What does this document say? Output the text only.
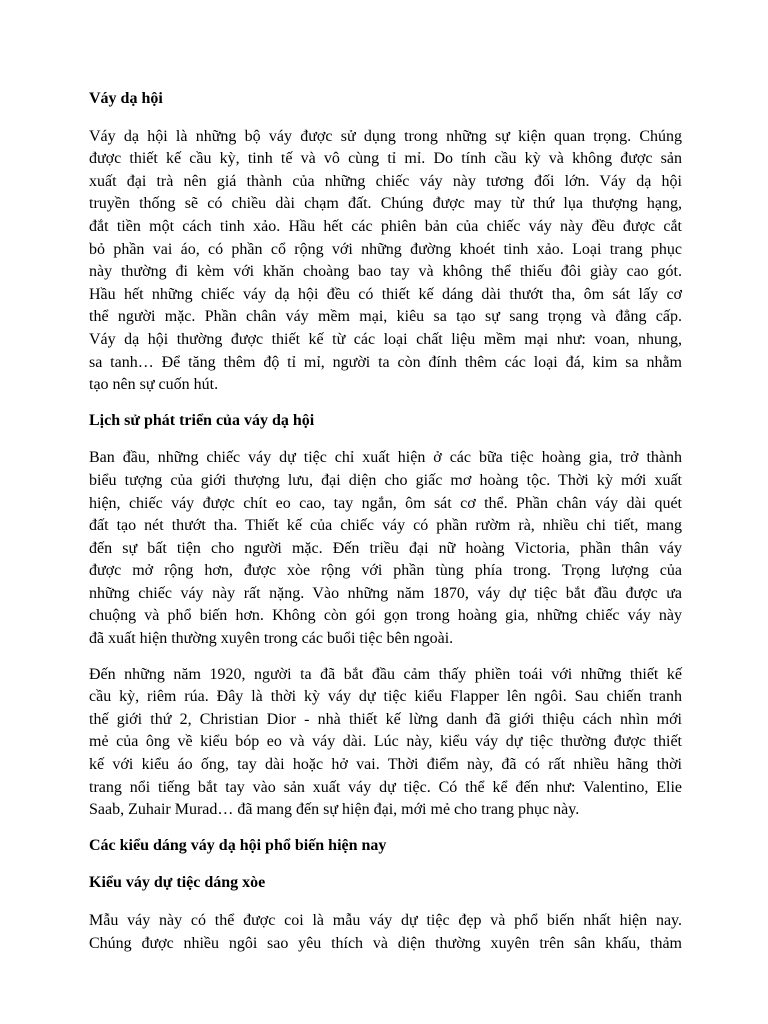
Váy dạ hội
Váy dạ hội là những bộ váy được sử dụng trong những sự kiện quan trọng. Chúng
được thiết kế cầu kỳ, tinh tế và vô cùng tỉ mỉ. Do tính cầu kỳ và không được sản
xuất đại trà nên giá thành của những chiếc váy này tương đối lớn. Váy dạ hội
truyền thống sẽ có chiều dài chạm đất. Chúng được may từ thứ lụa thượng hạng,
đắt tiền một cách tinh xảo. Hầu hết các phiên bản của chiếc váy này đều được cắt
bỏ phần vai áo, có phần cổ rộng với những đường khoét tinh xảo. Loại trang phục
này thường đi kèm với khăn choàng bao tay và không thể thiếu đôi giày cao gót.
Hầu hết những chiếc váy dạ hội đều có thiết kế dáng dài thướt tha, ôm sát lấy cơ
thể người mặc. Phần chân váy mềm mại, kiêu sa tạo sự sang trọng và đẳng cấp.
Váy dạ hội thường được thiết kế từ các loại chất liệu mềm mại như: voan, nhung,
sa tanh… Để tăng thêm độ tỉ mỉ, người ta còn đính thêm các loại đá, kim sa nhằm
tạo nên sự cuốn hút.
Lịch sử phát triển của váy dạ hội
Ban đầu, những chiếc váy dự tiệc chỉ xuất hiện ở các bữa tiệc hoàng gia, trở thành
biểu tượng của giới thượng lưu, đại diện cho giấc mơ hoàng tộc. Thời kỳ mới xuất
hiện, chiếc váy được chít eo cao, tay ngắn, ôm sát cơ thể. Phần chân váy dài quét
đất tạo nét thướt tha. Thiết kế của chiếc váy có phần rườm rà, nhiều chi tiết, mang
đến sự bất tiện cho người mặc. Đến triều đại nữ hoàng Victoria, phần thân váy
được mở rộng hơn, được xòe rộng với phần tùng phía trong. Trọng lượng của
những chiếc váy này rất nặng. Vào những năm 1870, váy dự tiệc bắt đầu được ưa
chuộng và phổ biến hơn. Không còn gói gọn trong hoàng gia, những chiếc váy này
đã xuất hiện thường xuyên trong các buổi tiệc bên ngoài.
Đến những năm 1920, người ta đã bắt đầu cảm thấy phiền toái với những thiết kế
cầu kỳ, riêm rúa. Đây là thời kỳ váy dự tiệc kiểu Flapper lên ngôi. Sau chiến tranh
thế giới thứ 2, Christian Dior - nhà thiết kế lừng danh đã giới thiệu cách nhìn mới
mẻ của ông về kiểu bóp eo và váy dài. Lúc này, kiểu váy dự tiệc thường được thiết
kế với kiểu áo ống, tay dài hoặc hở vai. Thời điểm này, đã có rất nhiều hãng thời
trang nổi tiếng bắt tay vào sản xuất váy dự tiệc. Có thể kể đến như: Valentino, Elie
Saab, Zuhair Murad… đã mang đến sự hiện đại, mới mẻ cho trang phục này.
Các kiểu dáng váy dạ hội phổ biến hiện nay
Kiểu váy dự tiệc dáng xòe
Mẫu váy này có thể được coi là mẫu váy dự tiệc đẹp và phổ biến nhất hiện nay.
Chúng được nhiều ngôi sao yêu thích và diện thường xuyên trên sân khấu, thảm
